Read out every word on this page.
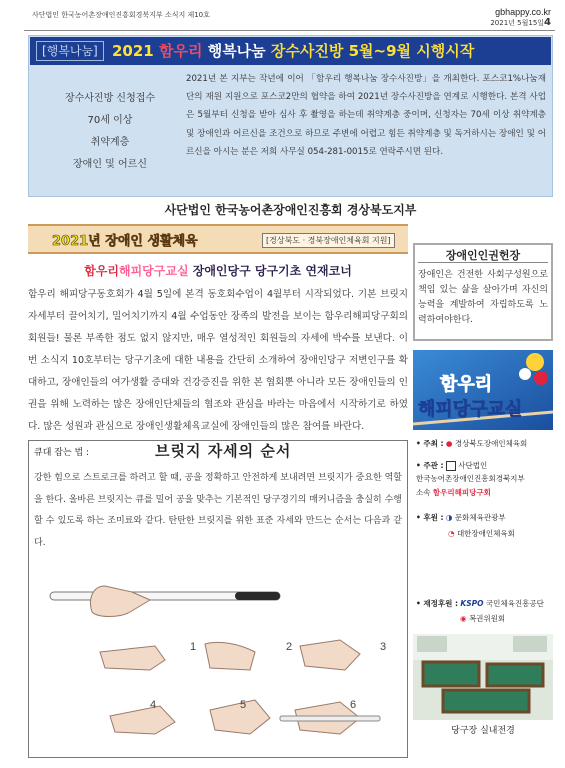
사단법인 한국농어촌장애인진흥회경북지부 소식지 제10호	gbhappy.co.kr
2021년 5월15일4
[행복나눔] 2021 함우리 행복나눔 장수사진방 5월~9월 시행시작
장수사진방 신청접수
70세 이상
취약계층
장애인 및 어르신
2021년 본 지부는 작년에 이어 「함우리 행복나눔 장수사진방」을 개최한다. 포스코1%나눔재단의 재원 지원으로 포스코2만의 협약을 하여 2021년 장수사진방을 연계로 시행한다. 본격 사업은 5월부터 신청을 받아 심사 후 촬영을 하는데 취약계층 중이며, 신청자는 70세 이상 취약계층 및 장애인과 어르신을 조건으로 하므로 주변에 어렵고 힘든 취약계층 및 독거하시는 장애인 및 어르신을 아시는 분은 저희 사무실 054-281-0015로 연락주시면 된다.
사단법인 한국농어촌장애인진흥회 경상북도지부
2021년 장애인 생활체육	[경상북도 · 경북장애인체육회 지원]
함우리해피당구교실 장애인당구 당구기초 연재코너
함우리 해피당구동호회가 4월 5일에 본격 동호회수업이 4월부터 시작되었다. 기본 브릿지자세부터 끌어치기, 밀어치기까지 4월 수업동안 장족의 발전을 보이는 함우리해피당구회의 회원들! 물론 부족한 점도 없지 않지만, 매우 열성적인 회원들의 자세에 박수를 보낸다. 이번 소식지 10호부터는 당구기초에 대한 내용을 간단히 소개하여 장애인당구 저변인구를 확대하고, 장애인들의 여가생활 증대와 건강증진을 위한 본 협회뿐 아니라 모든 장애인들의 인권을 위해 노력하는 많은 장애인단체들의 협조와 관심을 바라는 마음에서 시작하기로 하였다. 많은 성원과 관심으로 장애인생활체육교실에 장애인들의 많은 참여를 바란다.
큐대 잡는 법 :	브릿지 자세의 순서
강한 힘으로 스트로크를 하려고 할 때, 공을 정확하고 안전하게 보내려면 브릿지가 중요한 역할을 한다. 올바른 브릿지는 큐를 밀어 공을 맞추는 기본적인 당구경기의 매커니즘을 충실히 수행할 수 있도록 하는 조미료와 같다. 탄탄한 브릿지를 위한 표준 자세와 만드는 순서는 다음과 같다.
1	2	3
4	5	6
장애인인권헌장
장애인은 건전한 사회구성원으로 책임 있는 삶을 살아가며 자신의 능력을 계발하여 자립하도록 노력하여야한다.
함우리
해피당구교실
• 주최 : ● 경상북도장애인체육회
• 주관 : 사단법인
한국농어촌장애인진흥회경북지부
소속 함우리해피당구회
• 후원 : ◑ 문화체육관광부
◔ 대한장애인체육회
• 재정후원 : KSPO 국민체육진흥공단
◉ 복권위원회
당구장 실내전경
